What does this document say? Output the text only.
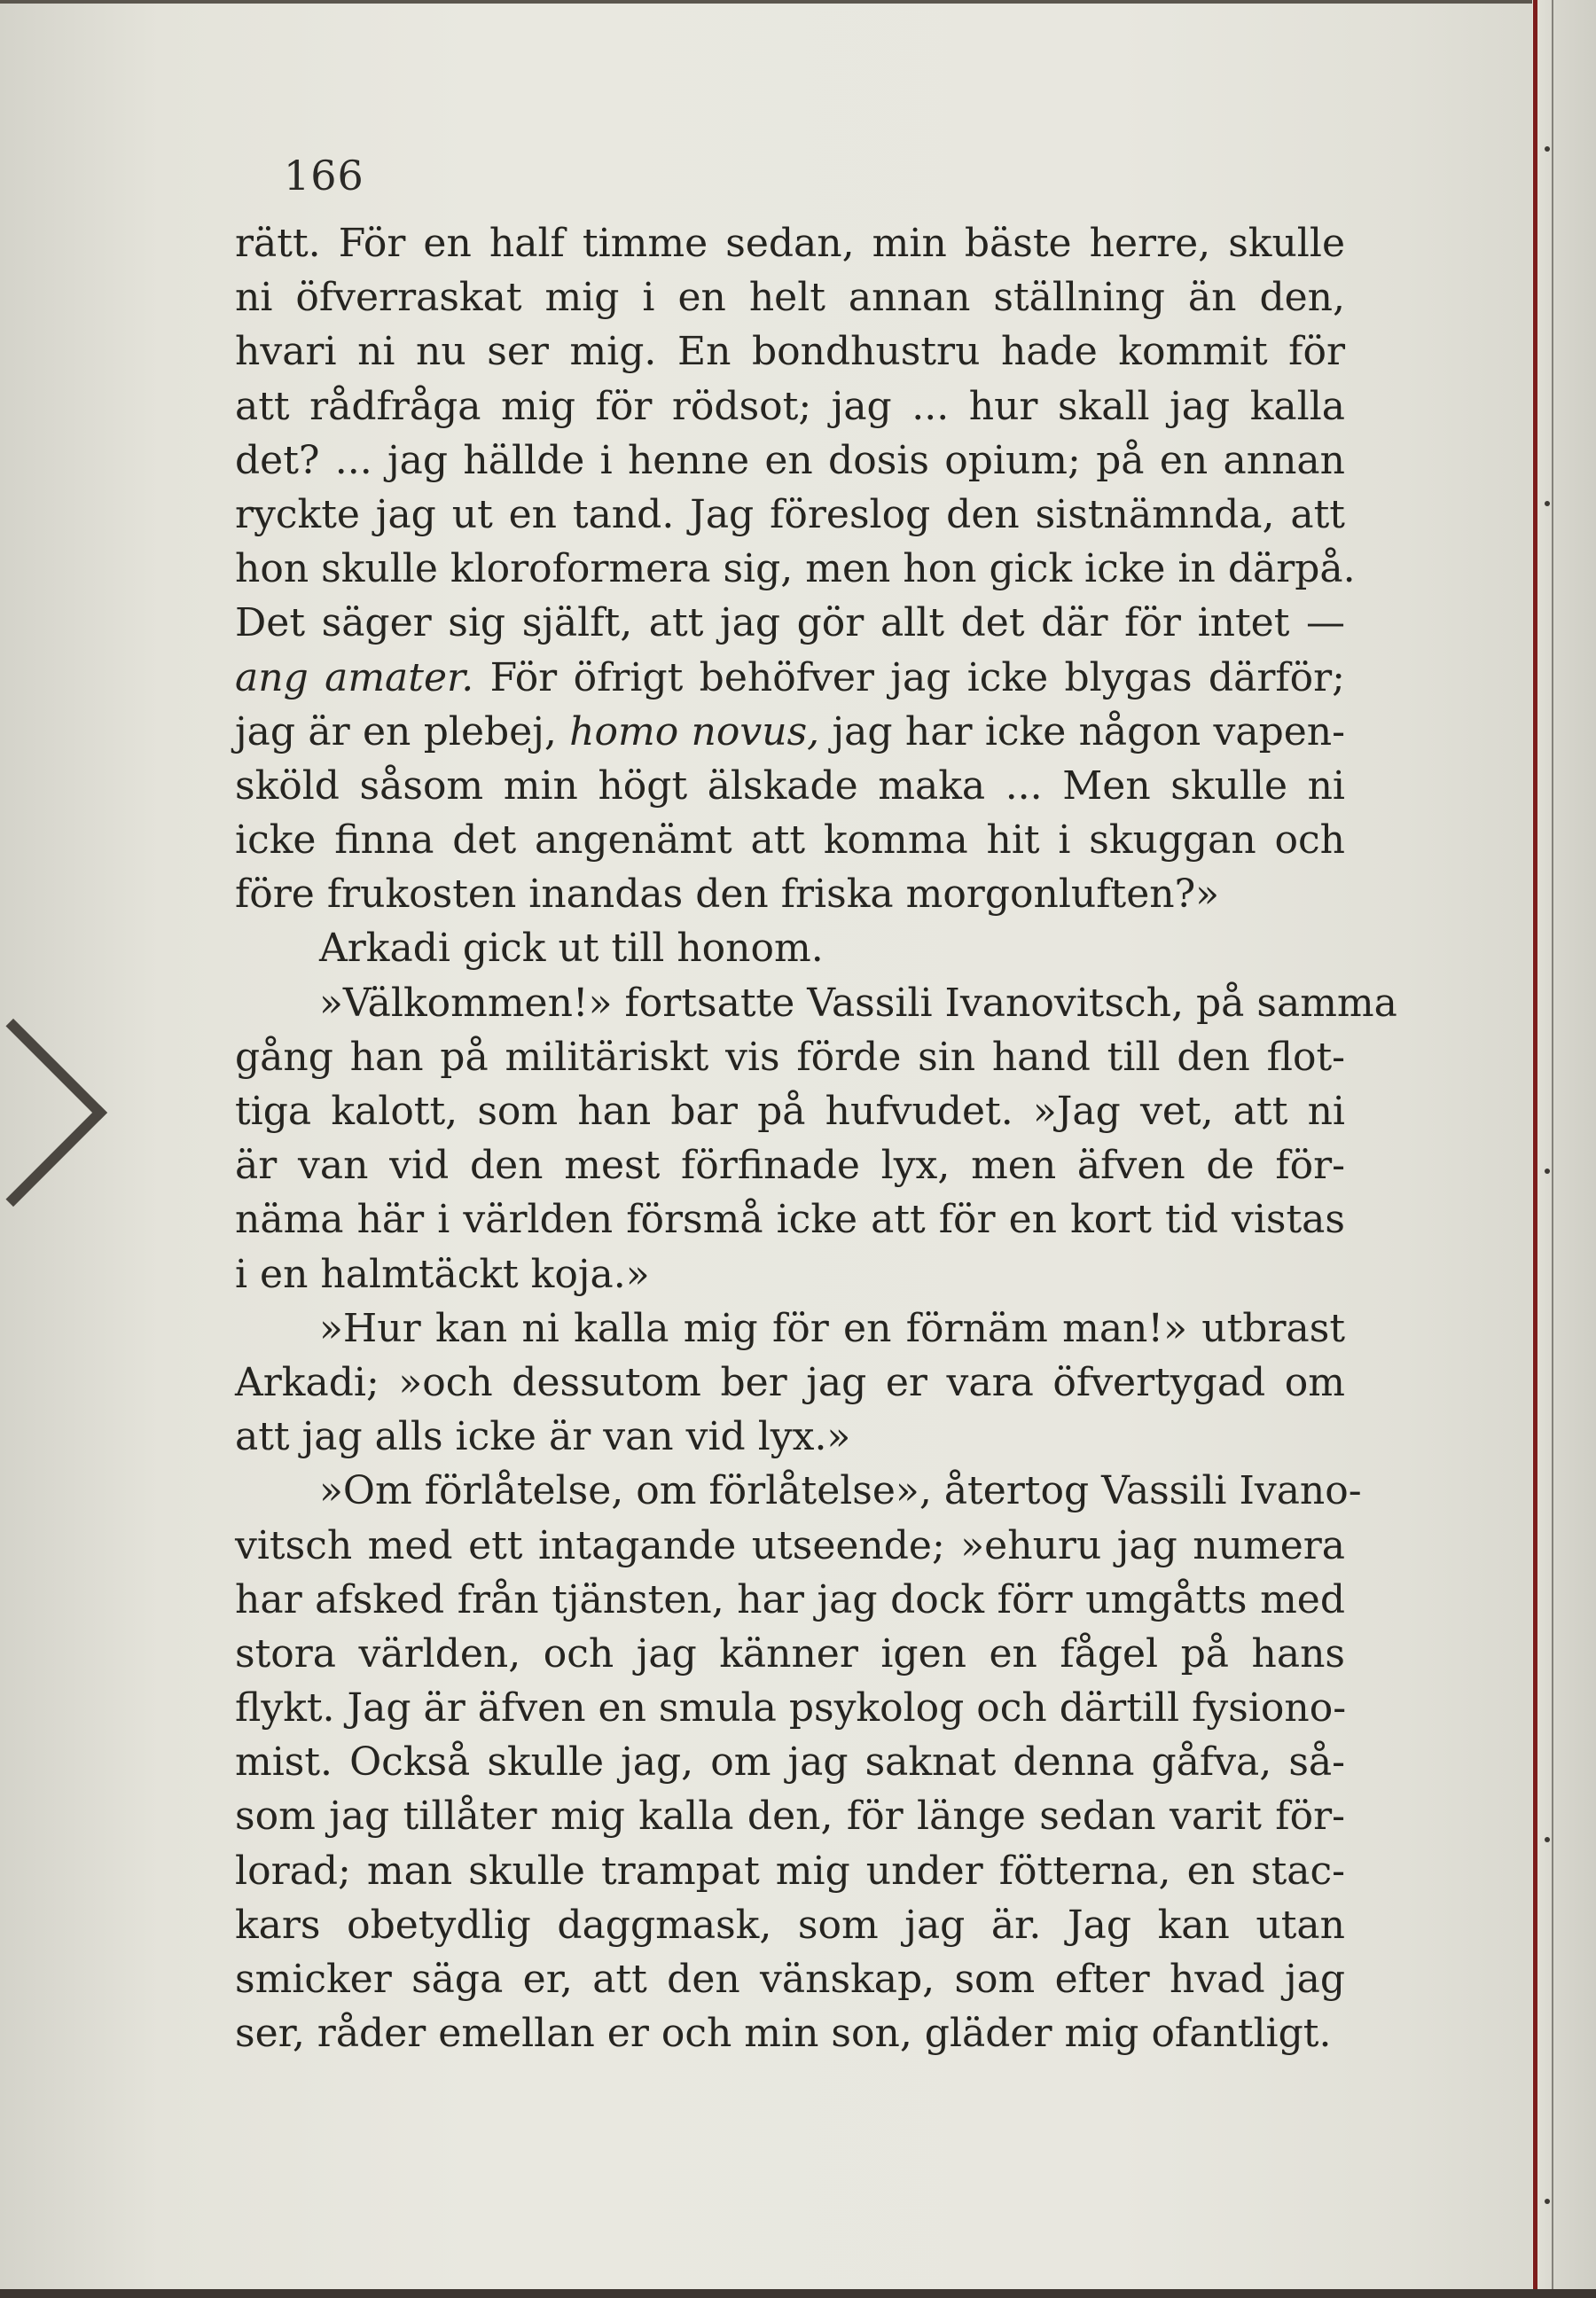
166
rätt. För en half timme sedan, min bäste herre, skulle
ni öfverraskat mig i en helt annan ställning än den,
hvari ni nu ser mig. En bondhustru hade kommit för
att rådfråga mig för rödsot; jag ... hur skall jag kalla
det? ... jag hällde i henne en dosis opium; på en annan
ryckte jag ut en tand. Jag föreslog den sistnämnda, att
hon skulle kloroformera sig, men hon gick icke in därpå.
Det säger sig själft, att jag gör allt det där för intet —
ang amater. För öfrigt behöfver jag icke blygas därför;
jag är en plebej, homo novus, jag har icke någon vapen-
sköld såsom min högt älskade maka ... Men skulle ni
icke finna det angenämt att komma hit i skuggan och
före frukosten inandas den friska morgonluften?»
Arkadi gick ut till honom.
»Välkommen!» fortsatte Vassili Ivanovitsch, på samma
gång han på militäriskt vis förde sin hand till den flot-
tiga kalott, som han bar på hufvudet. »Jag vet, att ni
är van vid den mest förfinade lyx, men äfven de för-
näma här i världen försmå icke att för en kort tid vistas
i en halmtäckt koja.»
»Hur kan ni kalla mig för en förnäm man!» utbrast
Arkadi; »och dessutom ber jag er vara öfvertygad om
att jag alls icke är van vid lyx.»
»Om förlåtelse, om förlåtelse», återtog Vassili Ivano-
vitsch med ett intagande utseende; »ehuru jag numera
har afsked från tjänsten, har jag dock förr umgåtts med
stora världen, och jag känner igen en fågel på hans
flykt. Jag är äfven en smula psykolog och därtill fysiono-
mist. Också skulle jag, om jag saknat denna gåfva, så-
som jag tillåter mig kalla den, för länge sedan varit för-
lorad; man skulle trampat mig under fötterna, en stac-
kars obetydlig daggmask, som jag är. Jag kan utan
smicker säga er, att den vänskap, som efter hvad jag
ser, råder emellan er och min son, gläder mig ofantligt.
